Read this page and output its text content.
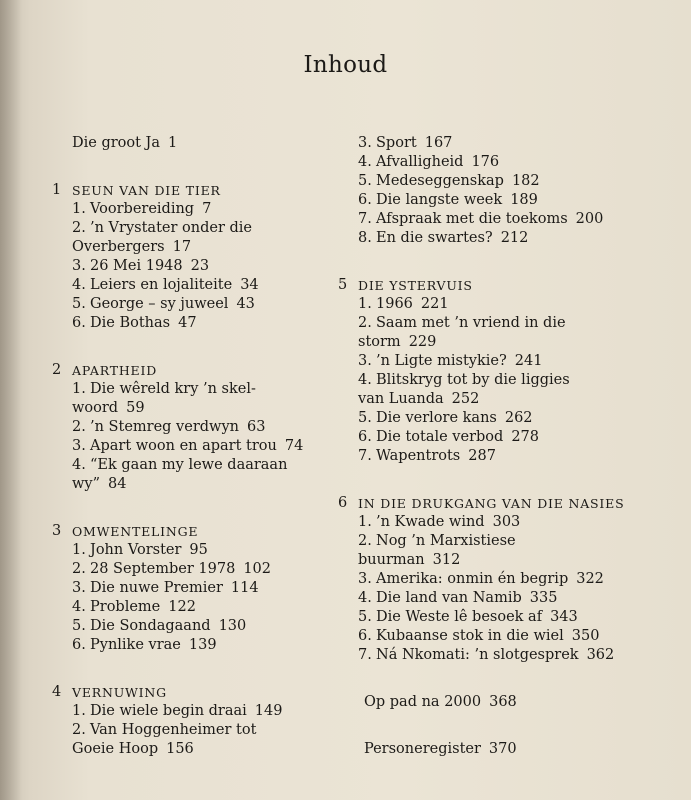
Inhoud
Die groot Ja 1
1 SEUN VAN DIE TIER
1. Voorbereiding 7
2. ’n Vrystater onder die
Overbergers 17
3. 26 Mei 1948 23
4. Leiers en lojaliteite 34
5. George – sy juweel 43
6. Die Bothas 47
2 APARTHEID
1. Die wêreld kry ’n skel-
woord 59
2. ’n Stemreg verdwyn 63
3. Apart woon en apart trou 74
4. “Ek gaan my lewe daaraan
wy” 84
3 OMWENTELINGE
1. John Vorster 95
2. 28 September 1978 102
3. Die nuwe Premier 114
4. Probleme 122
5. Die Sondagaand 130
6. Pynlike vrae 139
4 VERNUWING
1. Die wiele begin draai 149
2. Van Hoggenheimer tot
Goeie Hoop 156
3. Sport 167
4. Afvalligheid 176
5. Medeseggenskap 182
6. Die langste week 189
7. Afspraak met die toekoms 200
8. En die swartes? 212
5 DIE YSTERVUIS
1. 1966 221
2. Saam met ’n vriend in die
storm 229
3. ’n Ligte mistykie? 241
4. Blitskryg tot by die liggies
van Luanda 252
5. Die verlore kans 262
6. Die totale verbod 278
7. Wapentrots 287
6 IN DIE DRUKGANG VAN DIE NASIES
1. ’n Kwade wind 303
2. Nog ’n Marxistiese
buurman 312
3. Amerika: onmin én begrip 322
4. Die land van Namib 335
5. Die Weste lê besoek af 343
6. Kubaanse stok in die wiel 350
7. Ná Nkomati: ’n slotgesprek 362
Op pad na 2000 368
Personeregister 370
